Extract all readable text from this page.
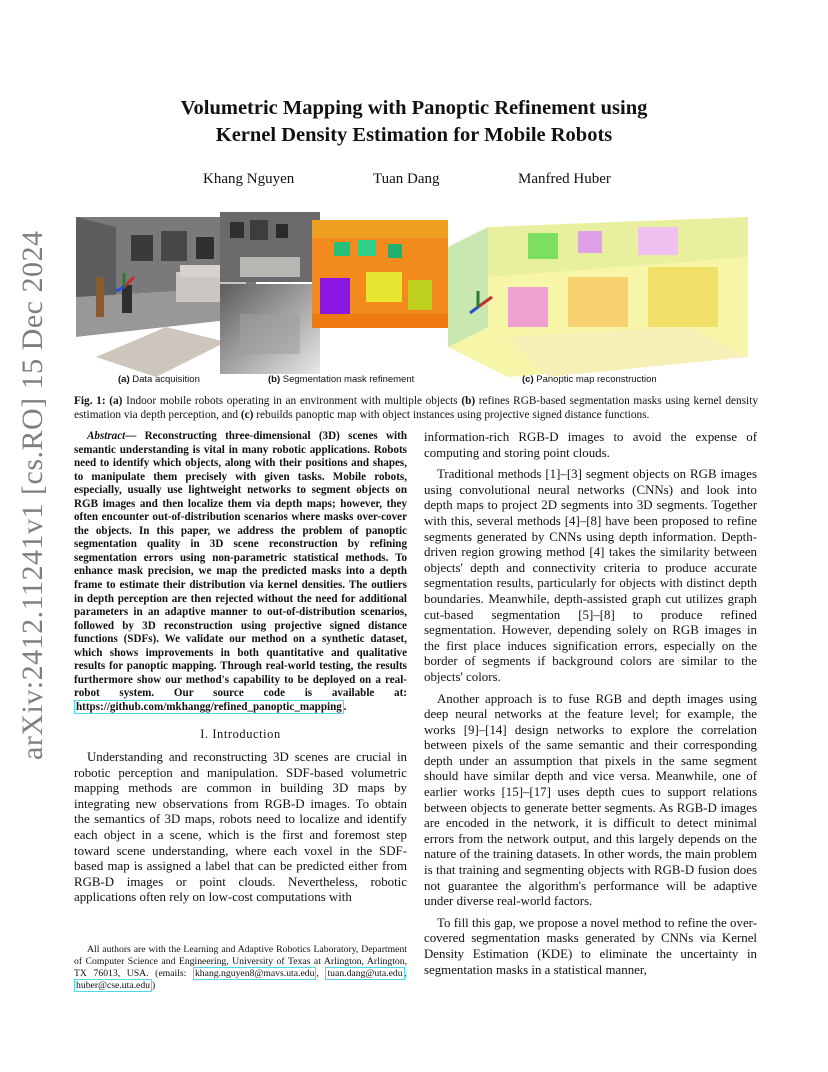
arXiv:2412.11241v1 [cs.RO] 15 Dec 2024
Volumetric Mapping with Panoptic Refinement using
Kernel Density Estimation for Mobile Robots
Khang Nguyen	Tuan Dang	Manfred Huber
(a) Data acquisition	(b) Segmentation mask refinement	(c) Panoptic map reconstruction
Fig. 1: (a) Indoor mobile robots operating in an environment with multiple objects (b) refines RGB-based segmentation masks using kernel density estimation via depth perception, and (c) rebuilds panoptic map with object instances using projective signed distance functions.

Abstract— Reconstructing three-dimensional (3D) scenes with semantic understanding is vital in many robotic applications. Robots need to identify which objects, along with their positions and shapes, to manipulate them precisely with given tasks. Mobile robots, especially, usually use lightweight networks to segment objects on RGB images and then localize them via depth maps; however, they often encounter out-of-distribution scenarios where masks over-cover the objects. In this paper, we address the problem of panoptic segmentation quality in 3D scene reconstruction by refining segmentation errors using non-parametric statistical methods. To enhance mask precision, we map the predicted masks into a depth frame to estimate their distribution via kernel densities. The outliers in depth perception are then rejected without the need for additional parameters in an adaptive manner to out-of-distribution scenarios, followed by 3D reconstruction using projective signed distance functions (SDFs). We validate our method on a synthetic dataset, which shows improvements in both quantitative and qualitative results for panoptic mapping. Through real-world testing, the results furthermore show our method's capability to be deployed on a real-robot system. Our source code is available at: https://github.com/mkhangg/refined_panoptic_mapping .

I. Introduction

Understanding and reconstructing 3D scenes are crucial in robotic perception and manipulation. SDF-based volumetric mapping methods are common in building 3D maps by integrating new observations from RGB-D images. To obtain the semantics of 3D maps, robots need to localize and identify each object in a scene, which is the first and foremost step toward scene understanding, where each voxel in the SDF-based map is assigned a label that can be predicted either from RGB-D images or point clouds. Nevertheless, robotic applications often rely on low-cost computations with

information-rich RGB-D images to avoid the expense of computing and storing point clouds.

Traditional methods [1]–[3] segment objects on RGB images using convolutional neural networks (CNNs) and look into depth maps to project 2D segments into 3D segments. Together with this, several methods [4]–[8] have been proposed to refine segments generated by CNNs using depth information. Depth-driven region growing method [4] takes the similarity between objects' depth and connectivity criteria to produce accurate segmentation results, particularly for objects with distinct depth boundaries. Meanwhile, depth-assisted graph cut utilizes graph cut-based segmentation [5]–[8] to produce refined segmentation. However, depending solely on RGB images in the first place induces signification errors, especially on the border of segments if background colors are similar to the objects' colors.

Another approach is to fuse RGB and depth images using deep neural networks at the feature level; for example, the works [9]–[14] design networks to explore the correlation between pixels of the same semantic and their corresponding depth under an assumption that pixels in the same segment should have similar depth and vice versa. Meanwhile, one of earlier works [15]–[17] uses depth cues to support relations between objects to generate better segments. As RGB-D images are encoded in the network, it is difficult to detect minimal errors from the network output, and this largely depends on the nature of the training datasets. In other words, the main problem is that training and segmenting objects with RGB-D fusion does not guarantee the algorithm's performance will be adaptive under diverse real-world factors.

To fill this gap, we propose a novel method to refine the over-covered segmentation masks generated by CNNs via Kernel Density Estimation (KDE) to eliminate the uncertainty in segmentation masks in a statistical manner,

All authors are with the Learning and Adaptive Robotics Laboratory, Department of Computer Science and Engineering, University of Texas at Arlington, Arlington, TX 76013, USA. (emails: khang.nguyen8@mavs.uta.edu , tuan.dang@uta.edu , huber@cse.uta.edu )
